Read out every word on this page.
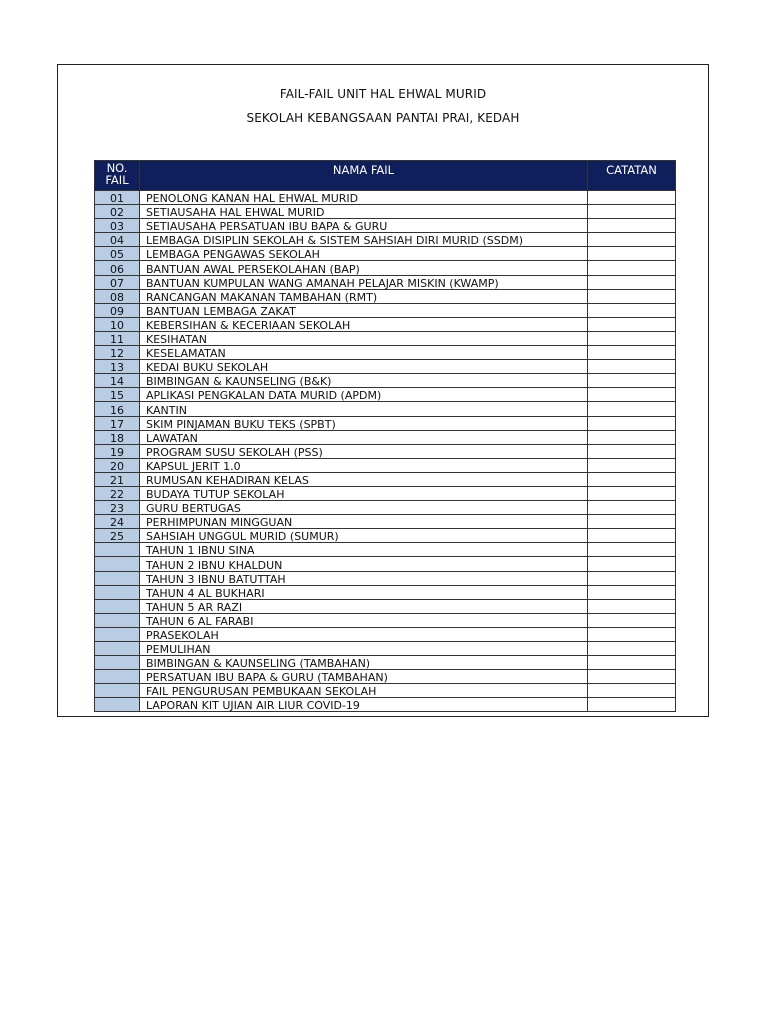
FAIL-FAIL UNIT HAL EHWAL MURID
SEKOLAH KEBANGSAAN PANTAI PRAI, KEDAH
NO.
FAIL	NAMA FAIL	CATATAN
01	PENOLONG KANAN HAL EHWAL MURID	
02	SETIAUSAHA HAL EHWAL MURID	
03	SETIAUSAHA PERSATUAN IBU BAPA & GURU	
04	LEMBAGA DISIPLIN SEKOLAH & SISTEM SAHSIAH DIRI MURID (SSDM)	
05	LEMBAGA PENGAWAS SEKOLAH	
06	BANTUAN AWAL PERSEKOLAHAN (BAP)	
07	BANTUAN KUMPULAN WANG AMANAH PELAJAR MISKIN (KWAMP)	
08	RANCANGAN MAKANAN TAMBAHAN (RMT)	
09	BANTUAN LEMBAGA ZAKAT	
10	KEBERSIHAN & KECERIAAN SEKOLAH	
11	KESIHATAN	
12	KESELAMATAN	
13	KEDAI BUKU SEKOLAH	
14	BIMBINGAN & KAUNSELING (B&K)	
15	APLIKASI PENGKALAN DATA MURID (APDM)	
16	KANTIN	
17	SKIM PINJAMAN BUKU TEKS (SPBT)	
18	LAWATAN	
19	PROGRAM SUSU SEKOLAH (PSS)	
20	KAPSUL JERIT 1.0	
21	RUMUSAN KEHADIRAN KELAS	
22	BUDAYA TUTUP SEKOLAH	
23	GURU BERTUGAS	
24	PERHIMPUNAN MINGGUAN	
25	SAHSIAH UNGGUL MURID (SUMUR)	
	TAHUN 1 IBNU SINA	
	TAHUN 2 IBNU KHALDUN	
	TAHUN 3 IBNU BATUTTAH	
	TAHUN 4 AL BUKHARI	
	TAHUN 5 AR RAZI	
	TAHUN 6 AL FARABI	
	PRASEKOLAH	
	PEMULIHAN	
	BIMBINGAN & KAUNSELING (TAMBAHAN)	
	PERSATUAN IBU BAPA & GURU (TAMBAHAN)	
	FAIL PENGURUSAN PEMBUKAAN SEKOLAH	
	LAPORAN KIT UJIAN AIR LIUR COVID-19	
